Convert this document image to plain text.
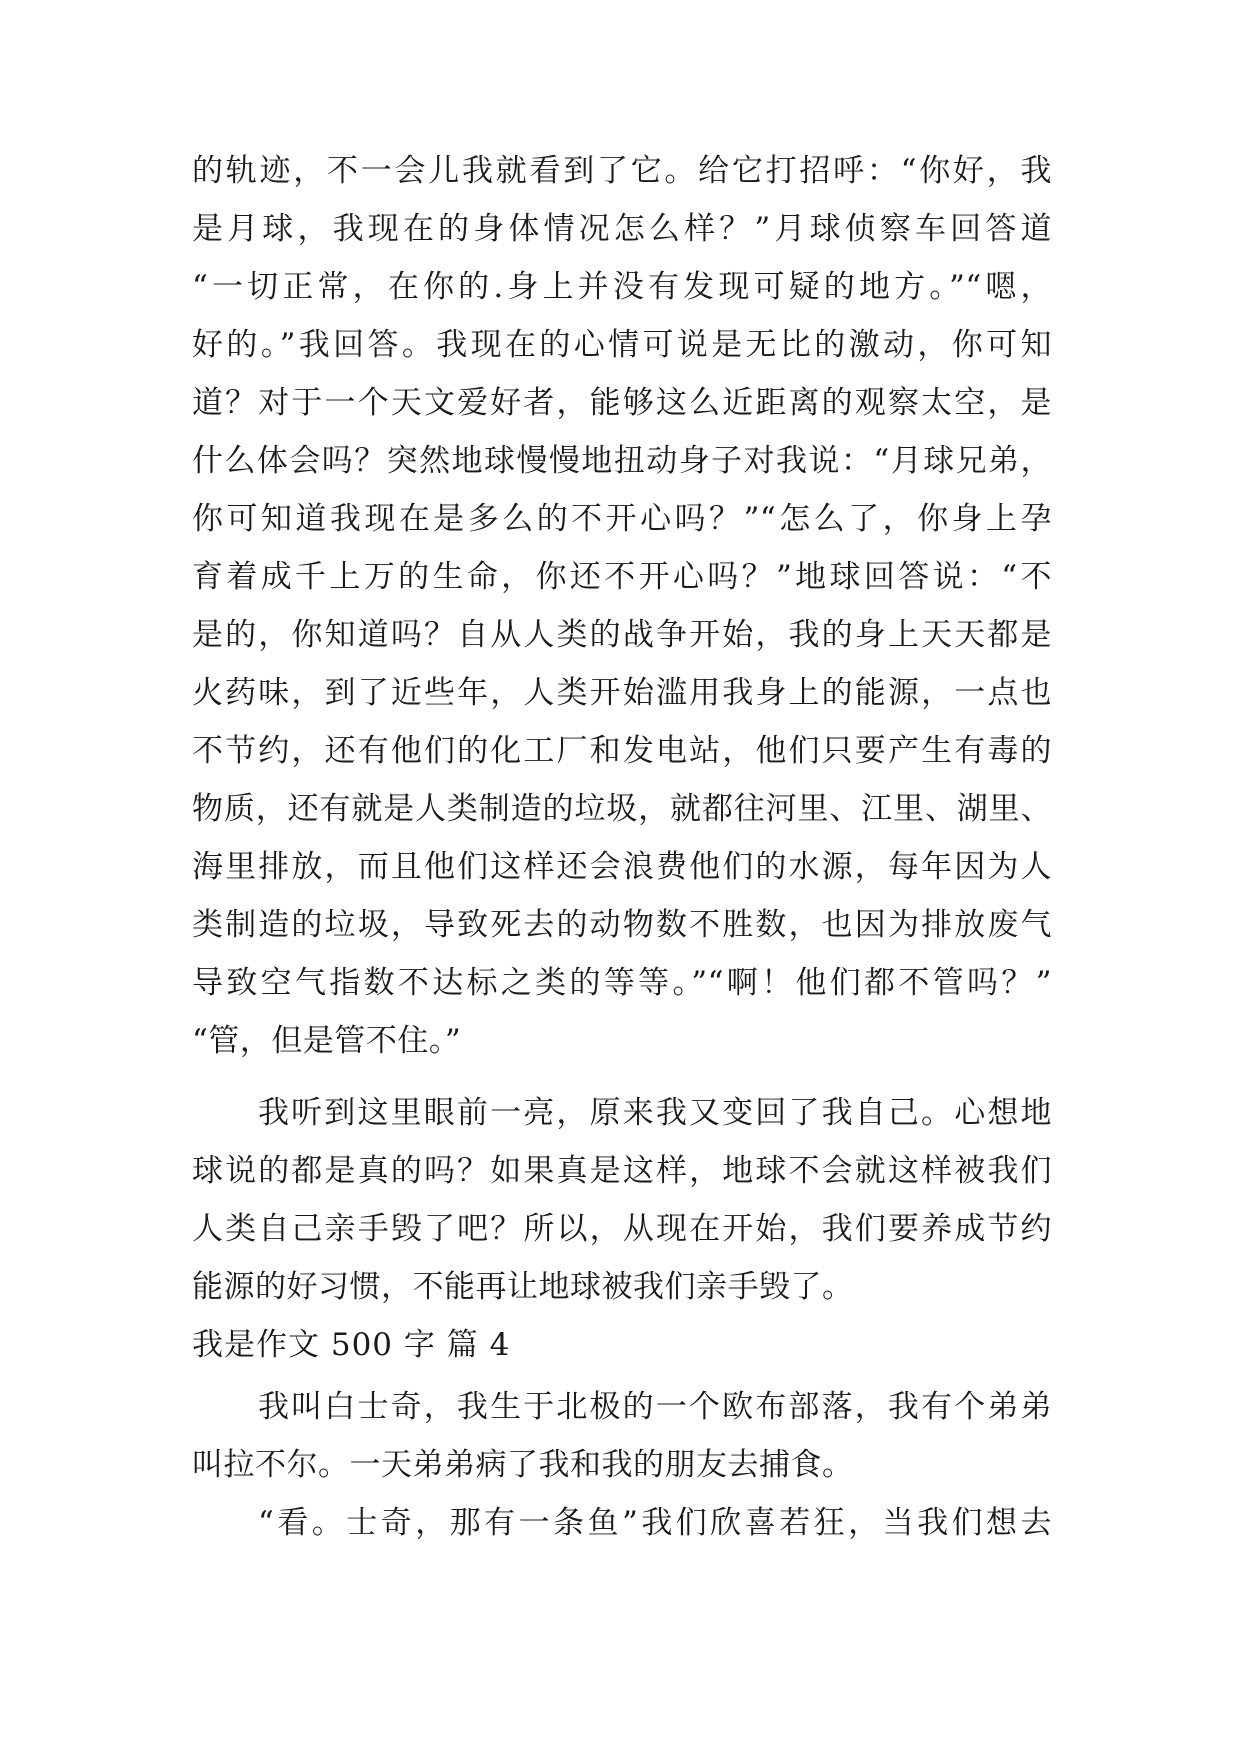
的轨迹，不一会儿我就看到了它。给它打招呼：“你好，我
是月球，我现在的身体情况怎么样？”月球侦察车回答道
“一切正常，在你的.身上并没有发现可疑的地方。”“嗯，
好的。”我回答。我现在的心情可说是无比的激动，你可知
道？对于一个天文爱好者，能够这么近距离的观察太空，是
什么体会吗？突然地球慢慢地扭动身子对我说：“月球兄弟，
你可知道我现在是多么的不开心吗？”“怎么了，你身上孕
育着成千上万的生命，你还不开心吗？”地球回答说：“不
是的，你知道吗？自从人类的战争开始，我的身上天天都是
火药味，到了近些年，人类开始滥用我身上的能源，一点也
不节约，还有他们的化工厂和发电站，他们只要产生有毒的
物质，还有就是人类制造的垃圾，就都往河里、江里、湖里、
海里排放，而且他们这样还会浪费他们的水源，每年因为人
类制造的垃圾，导致死去的动物数不胜数，也因为排放废气
导致空气指数不达标之类的等等。”“啊！他们都不管吗？”
“管，但是管不住。”
我听到这里眼前一亮，原来我又变回了我自己。心想地
球说的都是真的吗？如果真是这样，地球不会就这样被我们
人类自己亲手毁了吧？所以，从现在开始，我们要养成节约
能源的好习惯，不能再让地球被我们亲手毁了。
我是作文 500 字 篇 4
我叫白士奇，我生于北极的一个欧布部落，我有个弟弟
叫拉不尔。一天弟弟病了我和我的朋友去捕食。
“看。士奇，那有一条鱼”我们欣喜若狂，当我们想去
